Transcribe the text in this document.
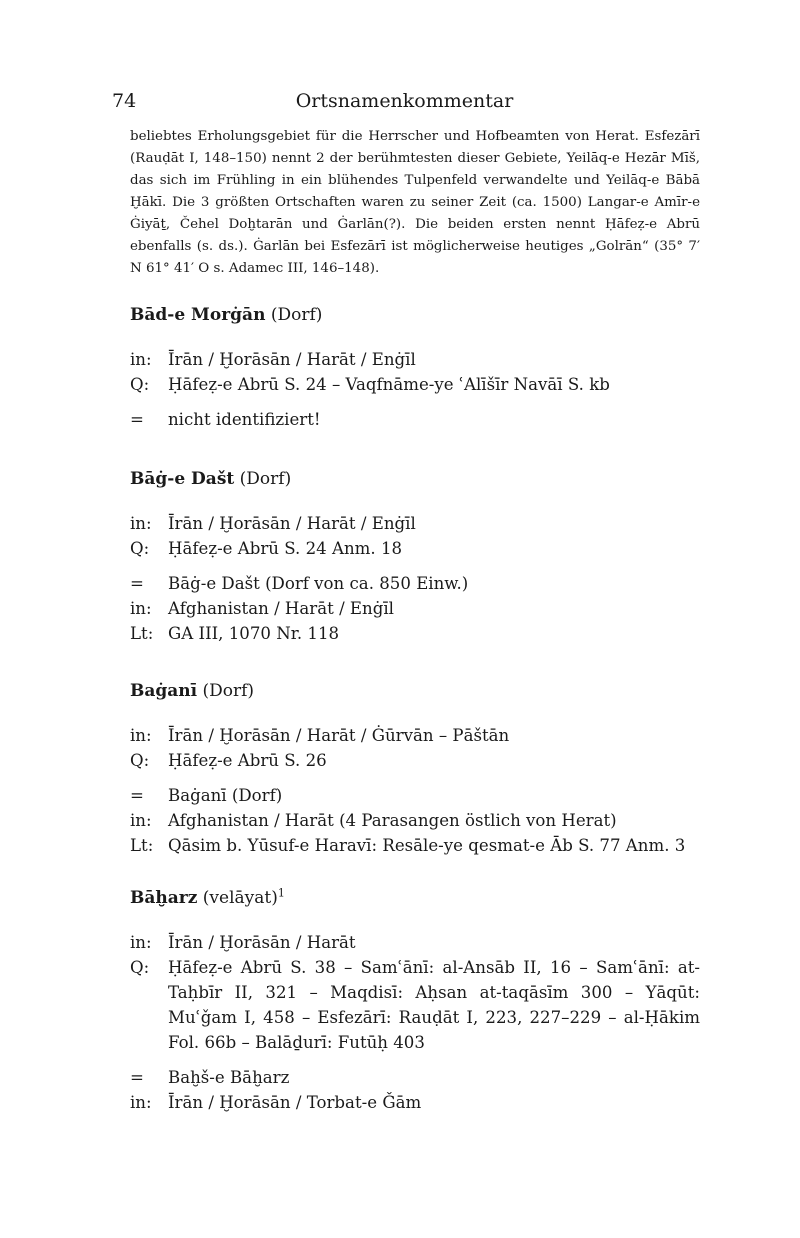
74	Ortsnamenkommentar

beliebtes Erholungsgebiet für die Herrscher und Hofbeamten von Herat. Esfezārī (Rauḍāt I, 148–150) nennt 2 der berühmtesten dieser Gebiete, Yeilāq-e Hezār Mīš, das sich im Frühling in ein blühendes Tulpenfeld verwandelte und Yeilāq-e Bābā Ḫākī. Die 3 größten Ortschaften waren zu seiner Zeit (ca. 1500) Langar-e Amīr-e Ġiyāṯ, Čehel Doḫtarān und Ġarlān(?). Die beiden ersten nennt Ḥāfeẓ-e Abrū ebenfalls (s. ds.). Ġarlān bei Esfezārī ist möglicherweise heutiges „Golrān“ (35° 7′ N 61° 41′ O s. Adamec III, 146–148).

Bād-e Morġān (Dorf)

in: Īrān / Ḫorāsān / Harāt / Enġīl
Q:	Ḥāfeẓ-e Abrū S. 24 – Vaqfnāme-ye ʿAlīšīr Navāī S. kb
=	nicht identifiziert!

Bāġ-e Dašt (Dorf)

in: Īrān / Ḫorāsān / Harāt / Enġīl
Q:	Ḥāfeẓ-e Abrū S. 24 Anm. 18
=	Bāġ-e Dašt (Dorf von ca. 850 Einw.)
in: Afghanistan / Harāt / Enġīl
Lt: GA III, 1070 Nr. 118

Baġanī (Dorf)

in: Īrān / Ḫorāsān / Harāt / Ġūrvān – Pāštān
Q:	Ḥāfeẓ-e Abrū S. 26
=	Baġanī (Dorf)
in: Afghanistan / Harāt (4 Parasangen östlich von Herat)
Lt: Qāsim b. Yūsuf-e Haravī: Resāle-ye qesmat-e Āb S. 77 Anm. 3

Bāḫarz (velāyat)$^1$

in: Īrān / Ḫorāsān / Harāt
Q:	Ḥāfeẓ-e Abrū S. 38 – Samʿānī: al-Ansāb II, 16 – Samʿānī: at-Taḥbīr II, 321 – Maqdisī: Aḥsan at-taqāsīm 300 – Yāqūt: Muʿǧam I, 458 – Esfezārī: Rauḍāt I, 223, 227–229 – al-Ḥākim Fol. 66b – Balāḏurī: Futūḥ 403
=	Baḫš-e Bāḫarz
in: Īrān / Ḫorāsān / Torbat-e Ǧām
